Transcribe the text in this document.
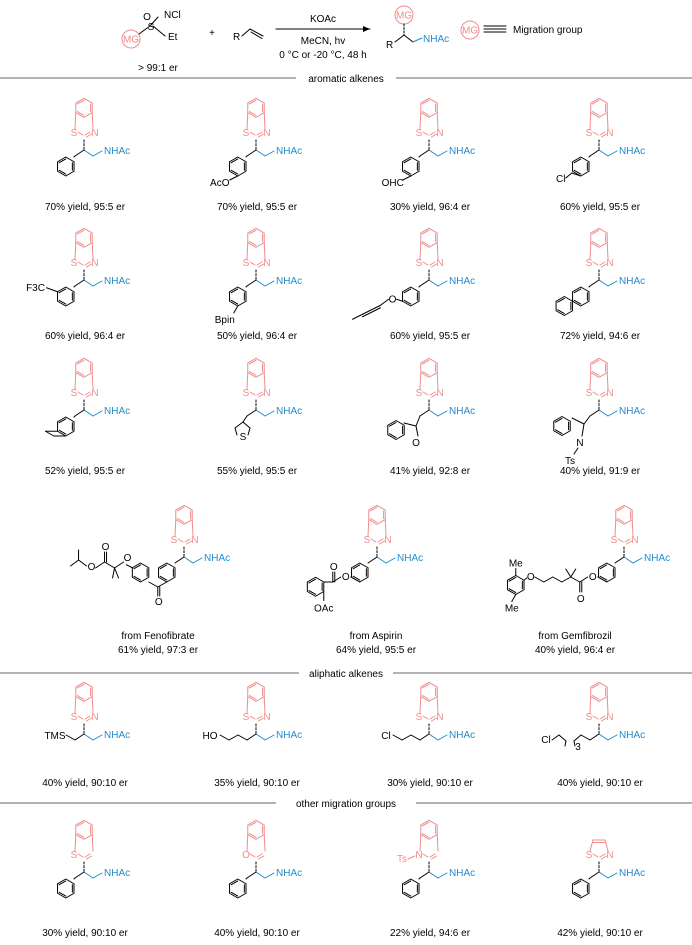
S N
NHAc
S N
NHAc
AcO
S N
NHAc
OHC
S N
NHAc
Cl
S N
NHAc
F3C
S N
NHAc
Bpin
S N
NHAc
O
S N
NHAc
S N
NHAc
S N
NHAc
S
S N
NHAc
O
S N
NHAc
N
Ts
S N
NHAc
O
O
O
O
S N
NHAc
O
O
OAc
S N
NHAc
O
O
O
Me
Me
S N
NHAc
TMS
S N
NHAc
HO
S N
NHAc
Cl
S N
NHAc
3
Cl
S
NHAc
O
NHAc
N
Ts
NHAc
S N
NHAc
MG
O
S
NCl
Et
> 99:1 er
+ R
KOAc
MeCN, hv
0 °C or -20 °C, 48 h
MG
R
NHAc
MG	Migration group
aromatic alkenes
aliphatic alkenes
other migration groups
70% yield, 95:5 er	70% yield, 95:5 er	30% yield, 96:4 er	60% yield, 95:5 er
60% yield, 96:4 er	50% yield, 96:4 er	60% yield, 95:5 er	72% yield, 94:6 er
52% yield, 95:5 er	55% yield, 95:5 er	41% yield, 92:8 er	40% yield, 91:9 er
from Fenofibrate
61% yield, 97:3 er
from Aspirin
64% yield, 95:5 er
from Gemfibrozil
40% yield, 96:4 er
40% yield, 90:10 er	35% yield, 90:10 er	30% yield, 90:10 er	40% yield, 90:10 er
30% yield, 90:10 er	40% yield, 90:10 er	22% yield, 94:6 er	42% yield, 90:10 er
